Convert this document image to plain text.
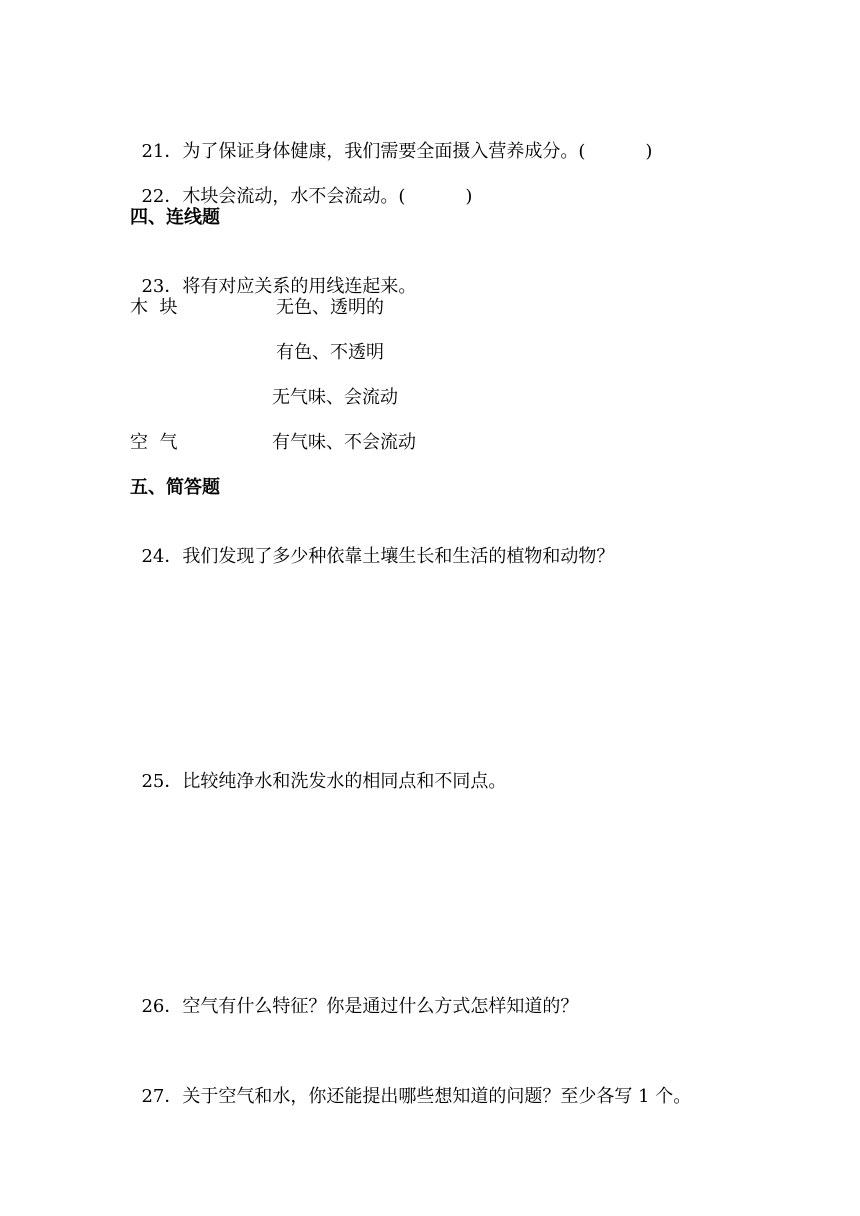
21．为了保证身体健康，我们需要全面摄入营养成分。(	)

22．木块会流动，水不会流动。(	)

四、连线题

23．将有对应关系的用线连起来。

木  块	无色、透明的
有色、不透明
无气味、会流动
空  气	有气味、不会流动
五、简答题

24．我们发现了多少种依靠土壤生长和生活的植物和动物？

25．比较纯净水和洗发水的相同点和不同点。

26．空气有什么特征？你是通过什么方式怎样知道的？

27．关于空气和水，你还能提出哪些想知道的问题？至少各写 1 个。
